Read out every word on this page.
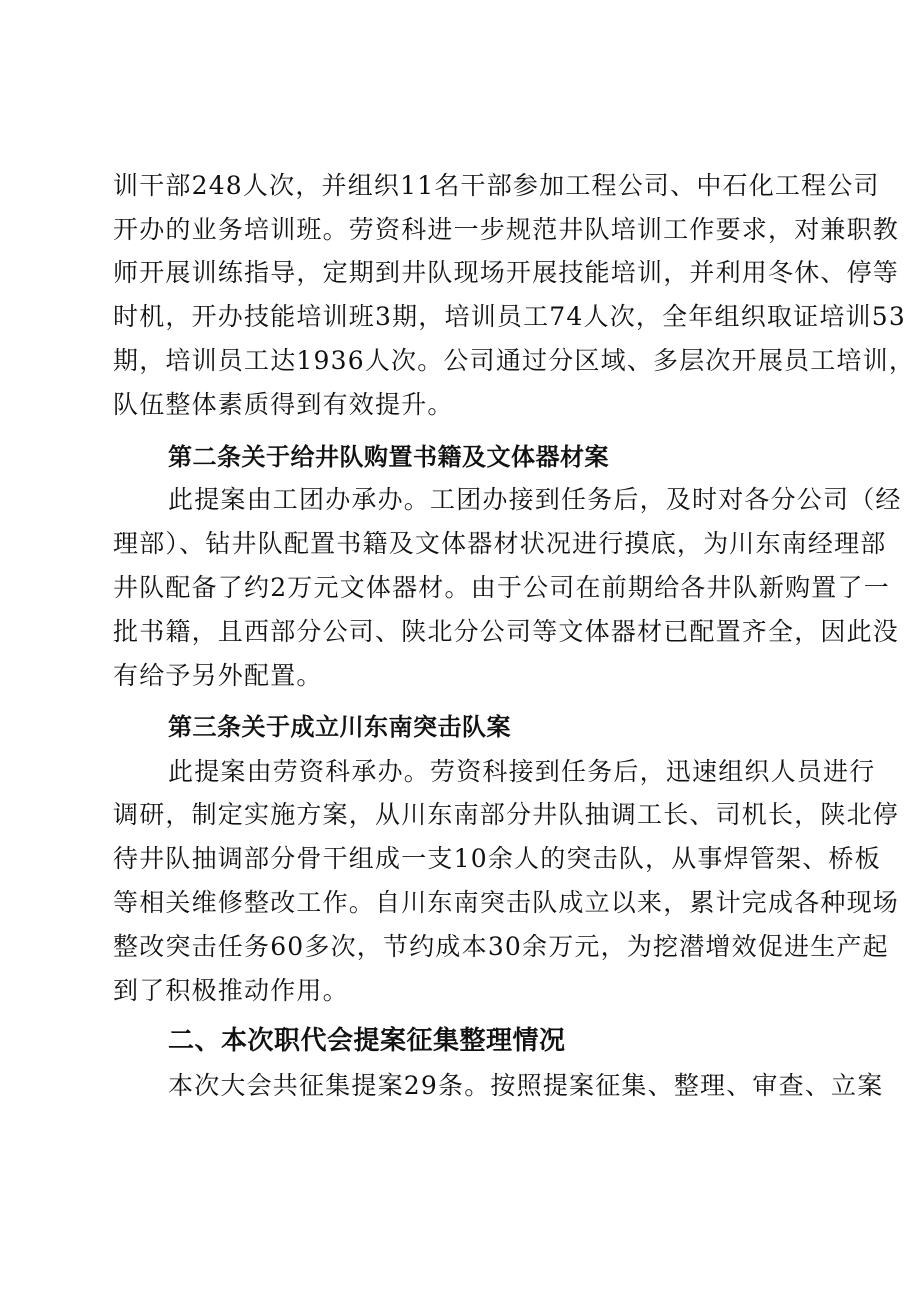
训干部248人次，并组织11名干部参加工程公司、中石化工程公司
开办的业务培训班。劳资科进一步规范井队培训工作要求，对兼职教
师开展训练指导，定期到井队现场开展技能培训，并利用冬休、停等
时机，开办技能培训班3期，培训员工74人次，全年组织取证培训53
期，培训员工达1936人次。公司通过分区域、多层次开展员工培训，
队伍整体素质得到有效提升。
第二条关于给井队购置书籍及文体器材案
此提案由工团办承办。工团办接到任务后，及时对各分公司（经
理部）、钻井队配置书籍及文体器材状况进行摸底，为川东南经理部
井队配备了约2万元文体器材。由于公司在前期给各井队新购置了一
批书籍，且西部分公司、陕北分公司等文体器材已配置齐全，因此没
有给予另外配置。
第三条关于成立川东南突击队案
此提案由劳资科承办。劳资科接到任务后，迅速组织人员进行
调研，制定实施方案，从川东南部分井队抽调工长、司机长，陕北停
待井队抽调部分骨干组成一支10余人的突击队，从事焊管架、桥板
等相关维修整改工作。自川东南突击队成立以来，累计完成各种现场
整改突击任务60多次，节约成本30余万元，为挖潜增效促进生产起
到了积极推动作用。
二、本次职代会提案征集整理情况
本次大会共征集提案29条。按照提案征集、整理、审查、立案
